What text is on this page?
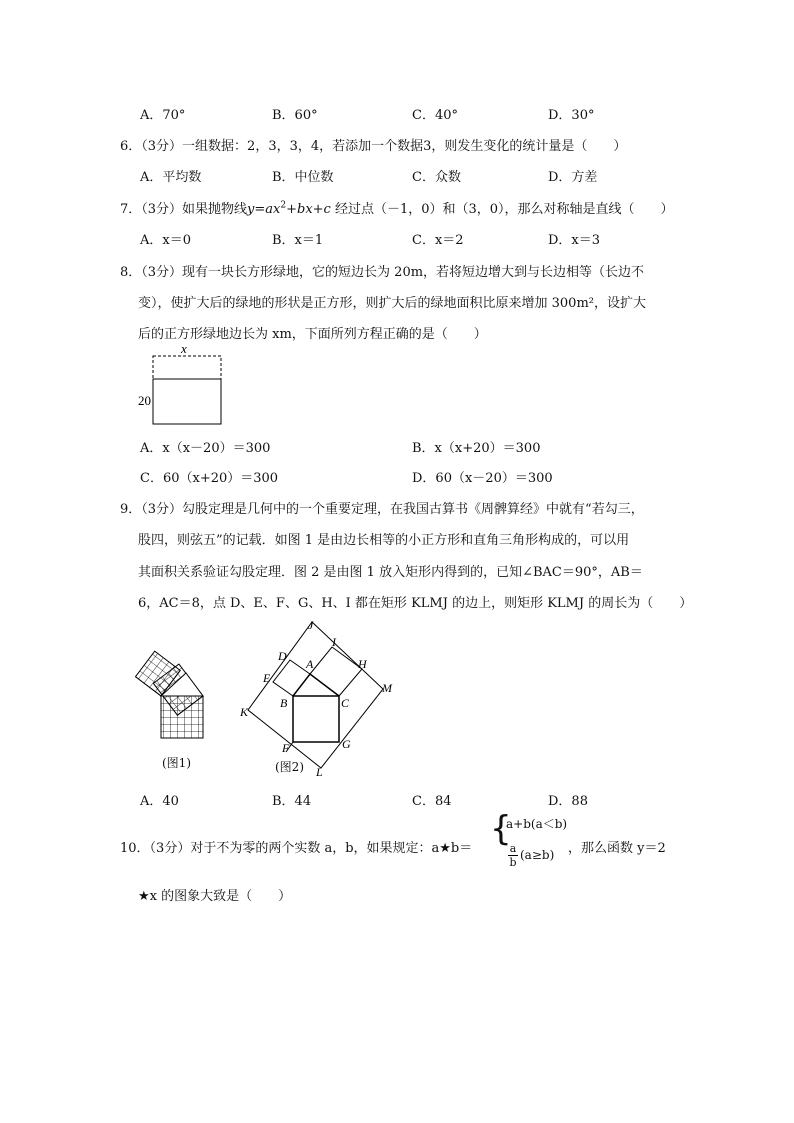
A．70°	B．60°	C．40°	D．30°
6．（3分）一组数据：2，3，3，4，若添加一个数据3，则发生变化的统计量是（　　）
A．平均数	B．中位数	C．众数	D．方差
7．（3分）如果抛物线$y=ax^2+bx+c$ 经过点（－1，0）和（3，0），那么对称轴是直线（　　）
A．x＝0	B．x＝1	C．x＝2	D．x＝3
8．（3分）现有一块长方形绿地，它的短边长为 20m，若将短边增大到与长边相等（长边不
变），使扩大后的绿地的形状是正方形，则扩大后的绿地面积比原来增加 300m²，设扩大
后的正方形绿地边长为 xm，下面所列方程正确的是（　　）
x
20
A．x（x－20）＝300	B．x（x+20）＝300
C．60（x+20）＝300	D．60（x－20）＝300
9．（3分）勾股定理是几何中的一个重要定理，在我国古算书《周髀算经》中就有“若勾三，
股四，则弦五”的记载．如图 1 是由边长相等的小正方形和直角三角形构成的，可以用
其面积关系验证勾股定理．图 2 是由图 1 放入矩形内得到的，已知∠BAC＝90°，AB＝
6，AC＝8，点 D、E、F、G、H、I 都在矩形 KLMJ 的边上，则矩形 KLMJ 的周长为（　　）
(图1)
J
I
D
A	H
E
M
B	C
K
F	G
L
(图2)
A．40	B．44	C．84	D．88
10．（3分）对于不为零的两个实数 a，b，如果规定：a★b＝ {
a+b(a＜b)
$\frac{a}{b} (a\ge b)$ ，那么函数 y＝2
★x 的图象大致是（　　）
